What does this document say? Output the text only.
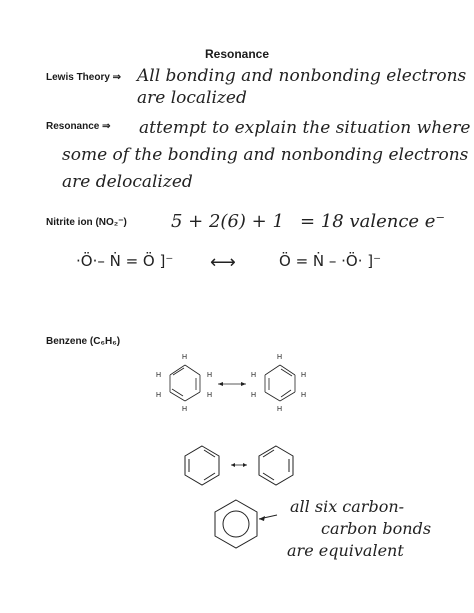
Resonance
Lewis Theory ⇒ All bonding and nonbonding electrons
are localized
Resonance ⇒ attempt to explain the situation where
some of the bonding and nonbonding electrons
are delocalized
Nitrite ion (NO₂⁻) 5 + 2(6) + 1 = 18 valence e⁻
·Ö·– Ṅ = Ö ]⁻ ⟷	Ö = Ṅ – ·Ö· ]⁻
Benzene (C₆H₆)
H
H
H
H
H
H
H
H
H
H
H
H
all six carbon-
carbon bonds
are equivalent
